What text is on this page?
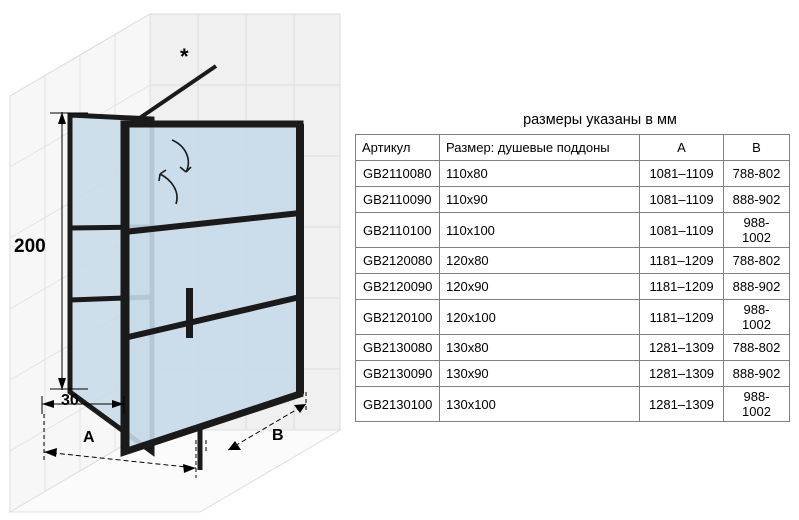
200
30
A	B
*
размеры указаны в мм
Артикул	Размер: душевые поддоны	A	B
GB2110080	110x80	1081–1109	788-802
GB2110090	110x90	1081–1109	888-902
GB2110100	110x100	1081–1109	988-1002
GB2120080	120x80	1181–1209	788-802
GB2120090	120x90	1181–1209	888-902
GB2120100	120x100	1181–1209	988-1002
GB2130080	130x80	1281–1309	788-802
GB2130090	130x90	1281–1309	888-902
GB2130100	130x100	1281–1309	988-1002
